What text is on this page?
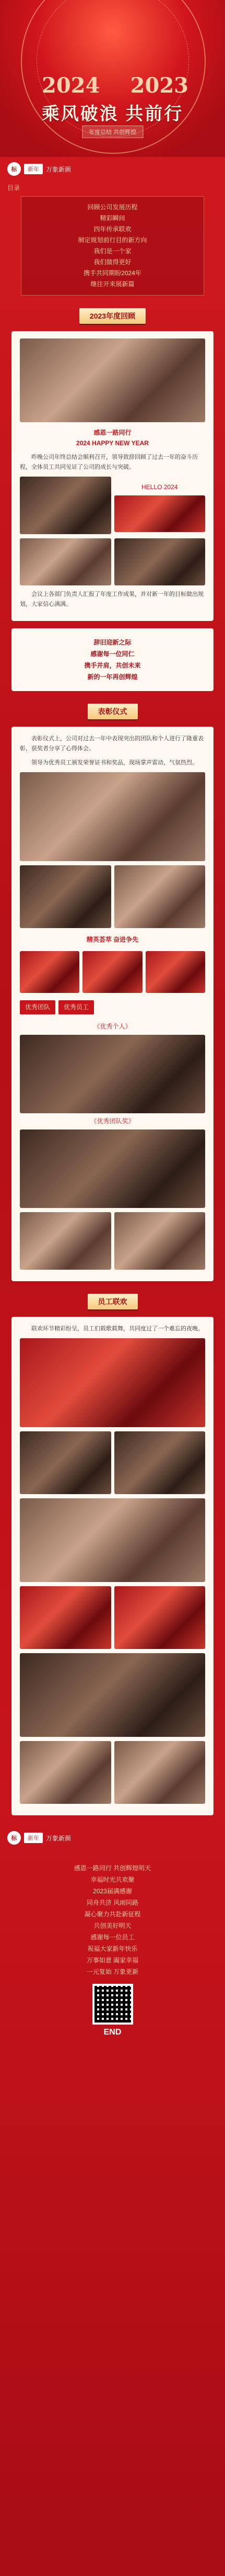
2024 2023
乘风破浪 共前行
年度总结 共创辉煌
标	新年	万象新颜
目录
回顾公司发展历程
精彩瞬间
四年传承联欢
制定规划前行目的新方向
我们是一个家
我们做得更好
携手共同期盼2024年
继往开来展新篇
2023年度回顾
感恩一路同行
2024 HAPPY NEW YEAR

昨晚公司年终总结会顺利召开，领导致辞回顾了过去一年的奋斗历程，全体员工共同见证了公司的成长与突破。

HELLO 2024

会议上各部门负责人汇报了年度工作成果，并对新一年的目标做出规划，大家信心满满。

辞旧迎新之际
感谢每一位同仁
携手并肩，共创未来
新的一年再创辉煌
表彰仪式

表彰仪式上，公司对过去一年中表现突出的团队和个人进行了隆重表彰，获奖者分享了心得体会。

领导为优秀员工颁发荣誉证书和奖品，现场掌声雷动，气氛热烈。

精英荟萃 奋进争先
优秀团队	优秀员工
《优秀个人》
《优秀团队奖》
员工联欢

联欢环节精彩纷呈，员工们载歌载舞，共同度过了一个难忘的夜晚。

标	新年	万象新颜
感恩一路同行 共创辉煌明天
幸福时光共欢聚
2023届满感谢
同舟共济 风雨同路
凝心聚力共赴新征程
共创美好明天
感谢每一位员工
祝福大家新年快乐
万事如意 阖家幸福
一元复始 万象更新
END
